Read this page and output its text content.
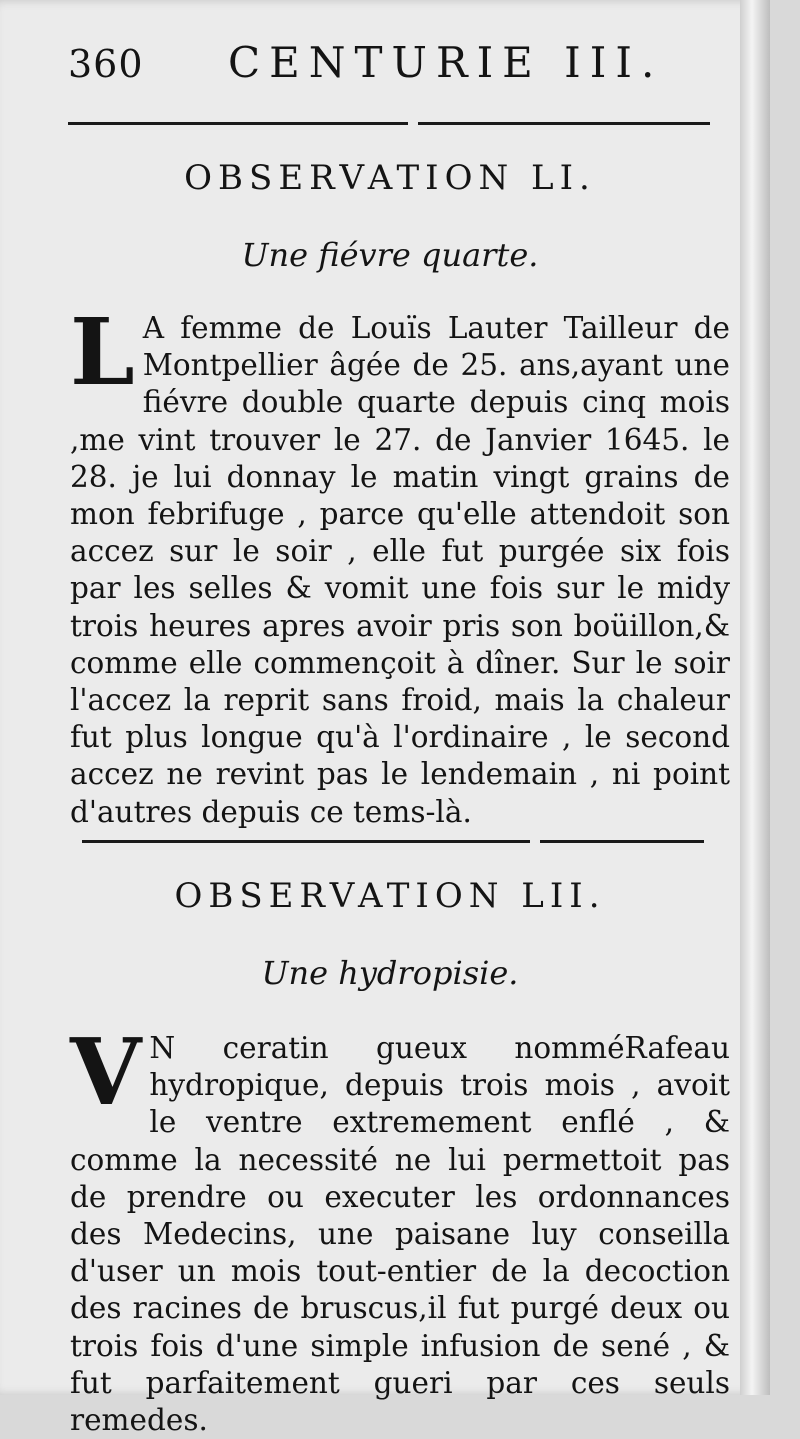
360 CENTURIE III.
OBSERVATION LI.
Une fiévre quarte.
L A femme de Louïs Lauter Tailleur de Montpellier âgée de 25. ans,ayant une fiévre double quarte depuis cinq mois ,me vint trouver le 27. de Janvier 1645. le 28. je lui donnay le matin vingt grains de mon febrifuge , parce qu'elle attendoit son accez sur le soir , elle fut purgée six fois par les selles & vomit une fois sur le midy trois heures apres avoir pris son boüillon,& comme elle commençoit à dîner. Sur le soir l'accez la reprit sans froid, mais la chaleur fut plus longue qu'à l'ordinaire , le second accez ne revint pas le lendemain , ni point d'autres depuis ce tems-là.
OBSERVATION LII.
Une hydropisie.
V N ceratin gueux nomméRafeau hydropique, depuis trois mois , avoit le ventre extremement enflé , & comme la necessité ne lui permettoit pas de prendre ou executer les ordonnances des Medecins, une paisane luy conseilla d'user un mois tout-entier de la decoction des racines de bruscus,il fut purgé deux ou trois fois d'une simple infusion de sené , & fut parfaitement gueri par ces seuls remedes.
